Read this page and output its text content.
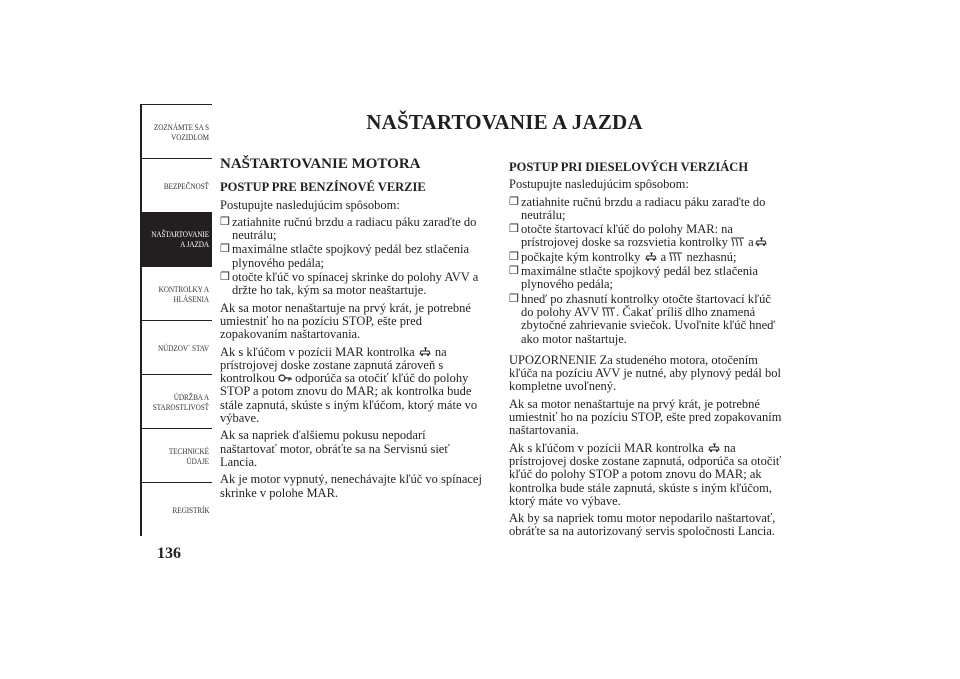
ZOZNÁMTE SA S VOZIDLOM
BEZPEČNOSŤ
NAŠTARTOVANIE A JAZDA
KONTROLKY A HLÁSENIA
NÚDZOV´ STAV
ÚDRŽBA A STAROSTLIVOSŤ
TECHNICKÉ ÚDAJE
REGISTRÍK
136
NAŠTARTOVANIE A JAZDA
NAŠTARTOVANIE MOTORA
POSTUP PRE BENZÍNOVÉ VERZIE

Postupujte nasledujúcim spôsobom:

❒ zatiahnite ručnú brzdu a radiacu páku zaraďte do neutrálu;
❒ maximálne stlačte spojkový pedál bez stlačenia plynového pedála;
❒ otočte kľúč vo spínacej skrinke do polohy AVV a držte ho tak, kým sa motor neaštartuje.

Ak sa motor nenaštartuje na prvý krát, je potrebné umiestniť ho na pozíciu STOP, ešte pred zopakovaním naštartovania.

Ak s kľúčom v pozícii MAR kontrolka na prístrojovej doske zostane zapnutá zároveň s kontrolkou odporúča sa otočiť kľúč do polohy STOP a potom znovu do MAR; ak kontrolka bude stále zapnutá, skúste s iným kľúčom, ktorý máte vo výbave.

Ak sa napriek ďalšiemu pokusu nepodarí naštartovať motor, obráťte sa na Servisnú sieť Lancia.

Ak je motor vypnutý, nenechávajte kľúč vo spínacej skrinke v polohe MAR.

POSTUP PRI DIESELOVÝCH VERZIÁCH

Postupujte nasledujúcim spôsobom:

❒ zatiahnite ručnú brzdu a radiacu páku zaraďte do neutrálu;
❒ otočte štartovací kľúč do polohy MAR: na prístrojovej doske sa rozsvietia kontrolky a
❒ počkajte kým kontrolky a nezhasnú;
❒ maximálne stlačte spojkový pedál bez stlačenia plynového pedála;
❒ hneď po zhasnutí kontrolky otočte štartovací kľúč do polohy AVV . Čakať príliš dlho znamená zbytočné zahrievanie sviečok. Uvoľnite kľúč hneď ako motor naštartuje.

UPOZORNENIE Za studeného motora, otočením kľúča na pozíciu AVV je nutné, aby plynový pedál bol kompletne uvoľnený.

Ak sa motor nenaštartuje na prvý krát, je potrebné umiestniť ho na pozíciu STOP, ešte pred zopakovaním naštartovania.

Ak s kľúčom v pozícii MAR kontrolka na prístrojovej doske zostane zapnutá, odporúča sa otočiť kľúč do polohy STOP a potom znovu do MAR; ak kontrolka bude stále zapnutá, skúste s iným kľúčom, ktorý máte vo výbave.

Ak by sa napriek tomu motor nepodarilo naštartovať, obráťte sa na autorizovaný servis spoločnosti Lancia.
